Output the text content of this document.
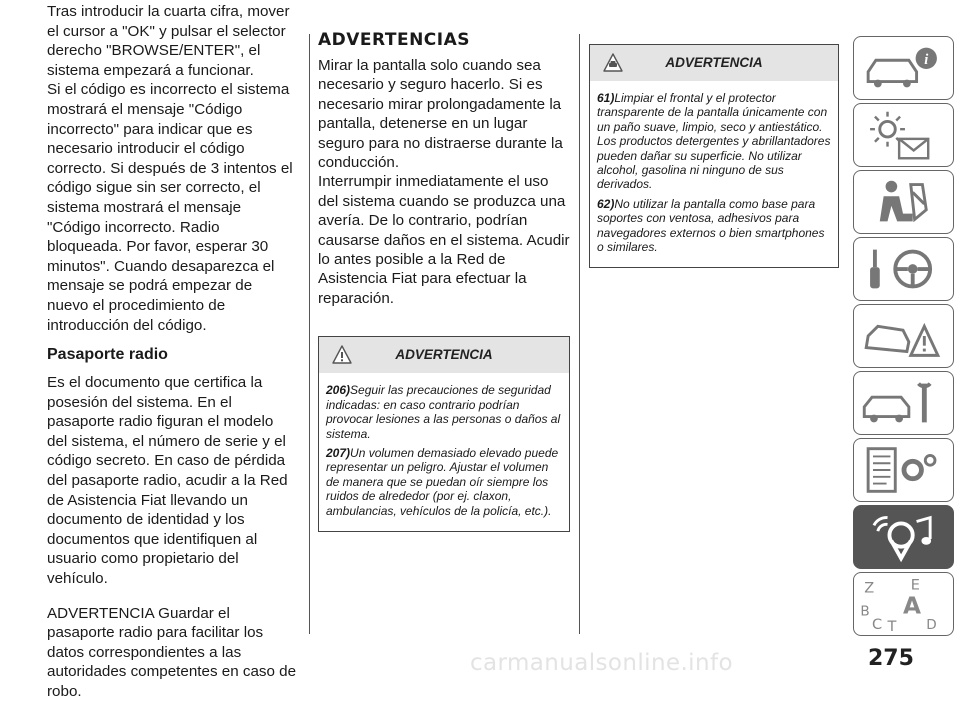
Tras introducir la cuarta cifra, mover el cursor a "OK" y pulsar el selector derecho "BROWSE/ENTER", el sistema empezará a funcionar.

Si el código es incorrecto el sistema mostrará el mensaje "Código incorrecto" para indicar que es necesario introducir el código correcto. Si después de 3 intentos el código sigue sin ser correcto, el sistema mostrará el mensaje "Código incorrecto. Radio bloqueada. Por favor, esperar 30 minutos". Cuando desaparezca el mensaje se podrá empezar de nuevo el procedimiento de introducción del código.

Pasaporte radio

Es el documento que certifica la posesión del sistema. En el pasaporte radio figuran el modelo del sistema, el número de serie y el código secreto. En caso de pérdida del pasaporte radio, acudir a la Red de Asistencia Fiat llevando un documento de identidad y los documentos que identifiquen al usuario como propietario del vehículo.

ADVERTENCIA Guardar el pasaporte radio para facilitar los datos correspondientes a las autoridades competentes en caso de robo.

ADVERTENCIAS

Mirar la pantalla solo cuando sea necesario y seguro hacerlo. Si es necesario mirar prolongadamente la pantalla, detenerse en un lugar seguro para no distraerse durante la conducción.

Interrumpir inmediatamente el uso del sistema cuando se produzca una avería. De lo contrario, podrían causarse daños en el sistema. Acudir lo antes posible a la Red de Asistencia Fiat para efectuar la reparación.

ADVERTENCIA

206)Seguir las precauciones de seguridad indicadas: en caso contrario podrían provocar lesiones a las personas o daños al sistema.

207)Un volumen demasiado elevado puede representar un peligro. Ajustar el volumen de manera que se puedan oír siempre los ruidos de alrededor (por ej. claxon, ambulancias, vehículos de la policía, etc.).

ADVERTENCIA

61)Limpiar el frontal y el protector transparente de la pantalla únicamente con un paño suave, limpio, seco y antiestático. Los productos detergentes y abrillantadores pueden dañar su superficie. No utilizar alcohol, gasolina ni ninguno de sus derivados.

62)No utilizar la pantalla como base para soportes con ventosa, adhesivos para navegadores externos o bien smartphones o similares.

i
Z E
B A
C T D
275
carmanualsonline.info
